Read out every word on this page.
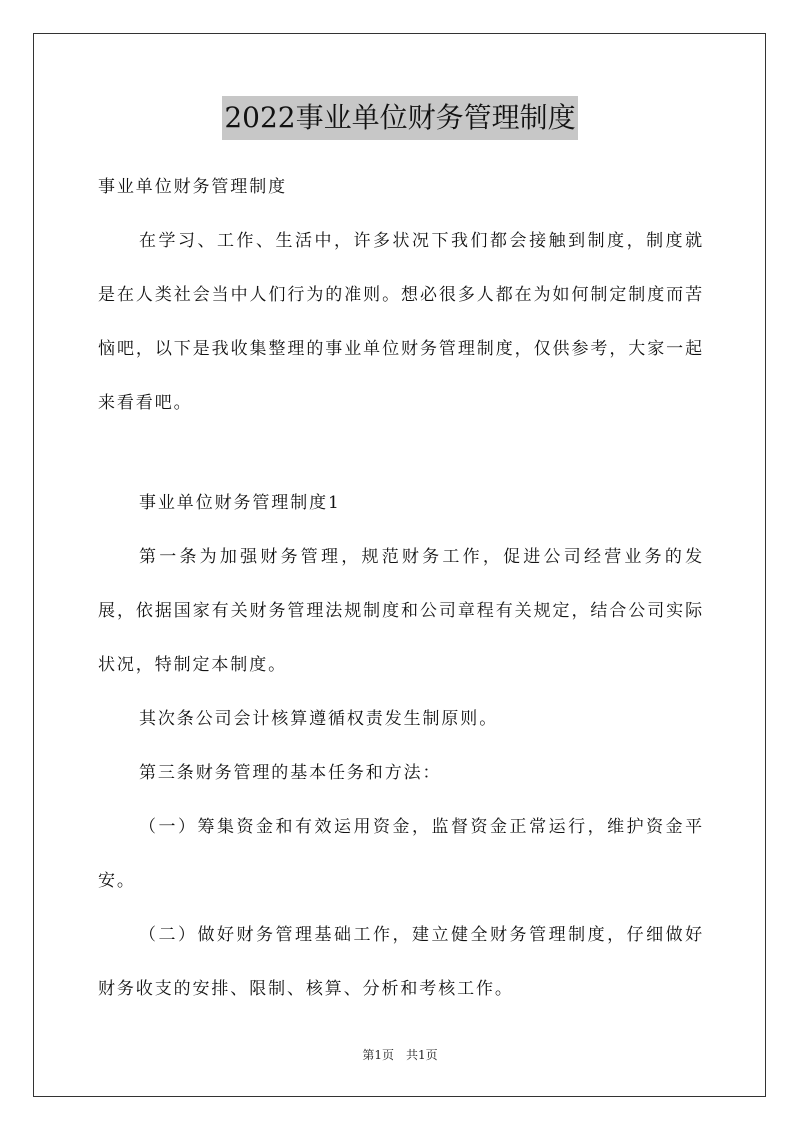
2022事业单位财务管理制度

事业单位财务管理制度

在学习、工作、生活中，许多状况下我们都会接触到制度，制度就是在人类社会当中人们行为的准则。想必很多人都在为如何制定制度而苦恼吧，以下是我收集整理的事业单位财务管理制度，仅供参考，大家一起来看看吧。

事业单位财务管理制度1

第一条为加强财务管理，规范财务工作，促进公司经营业务的发展，依据国家有关财务管理法规制度和公司章程有关规定，结合公司实际状况，特制定本制度。

其次条公司会计核算遵循权责发生制原则。

第三条财务管理的基本任务和方法：

（一）筹集资金和有效运用资金，监督资金正常运行，维护资金平安。

（二）做好财务管理基础工作，建立健全财务管理制度，仔细做好财务收支的安排、限制、核算、分析和考核工作。

第1页　共1页
